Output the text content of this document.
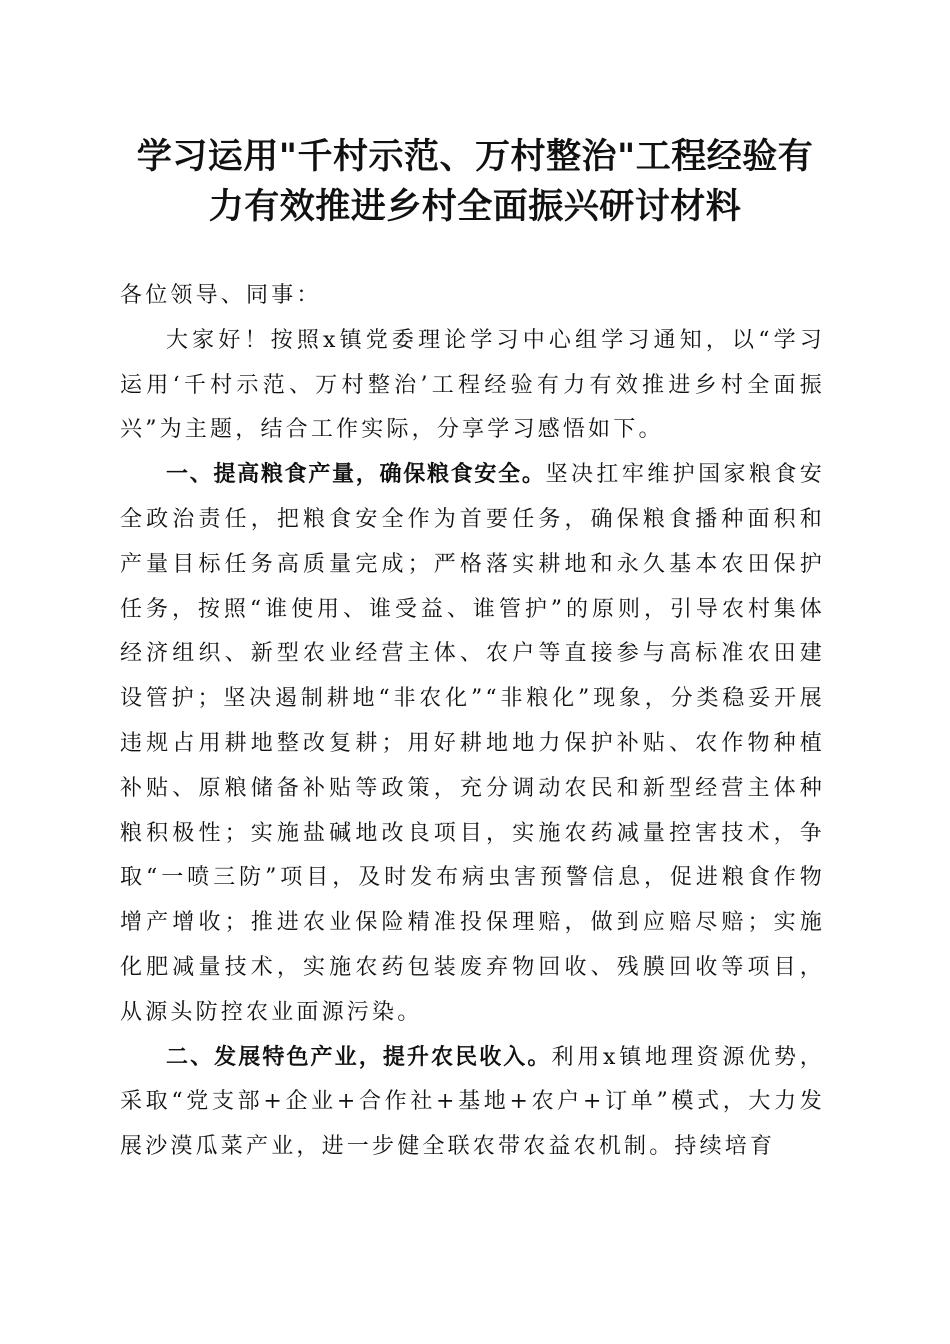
学习运用"千村示范、万村整治"工程经验有
力有效推进乡村全面振兴研讨材料

各位领导、同事：

大家好！按照x镇党委理论学习中心组学习通知，以“学习运用‘千村示范、万村整治’工程经验有力有效推进乡村全面振兴”为主题，结合工作实际，分享学习感悟如下。

一、提高粮食产量，确保粮食安全。坚决扛牢维护国家粮食安全政治责任，把粮食安全作为首要任务，确保粮食播种面积和产量目标任务高质量完成；严格落实耕地和永久基本农田保护任务，按照“谁使用、谁受益、谁管护”的原则，引导农村集体经济组织、新型农业经营主体、农户等直接参与高标准农田建设管护；坚决遏制耕地“非农化”“非粮化”现象，分类稳妥开展违规占用耕地整改复耕；用好耕地地力保护补贴、农作物种植补贴、原粮储备补贴等政策，充分调动农民和新型经营主体种粮积极性；实施盐碱地改良项目，实施农药减量控害技术，争取“一喷三防”项目，及时发布病虫害预警信息，促进粮食作物增产增收；推进农业保险精准投保理赔，做到应赔尽赔；实施化肥减量技术，实施农药包装废弃物回收、残膜回收等项目，从源头防控农业面源污染。

二、发展特色产业，提升农民收入。利用x镇地理资源优势，采取“党支部+企业+合作社+基地+农户+订单”模式，大力发展沙漠瓜菜产业，进一步健全联农带农益农机制。持续培育
